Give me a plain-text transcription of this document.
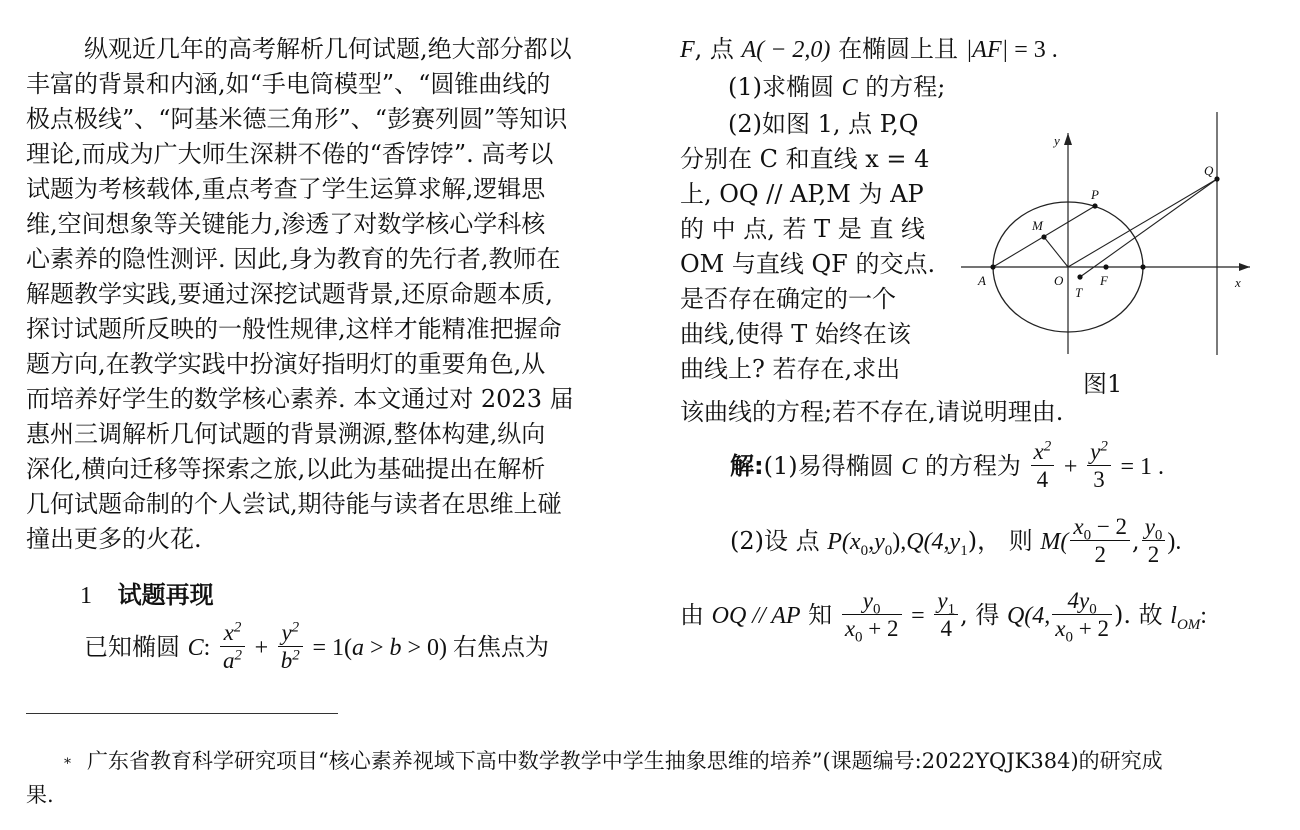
纵观近几年的高考解析几何试题,绝大部分都以
丰富的背景和内涵,如“手电筒模型”、“圆锥曲线的
极点极线”、“阿基米德三角形”、“彭赛列圆”等知识
理论,而成为广大师生深耕不倦的“香饽饽”. 高考以
试题为考核载体,重点考查了学生运算求解,逻辑思
维,空间想象等关键能力,渗透了对数学核心学科核
心素养的隐性测评. 因此,身为教育的先行者,教师在
解题教学实践,要通过深挖试题背景,还原命题本质,
探讨试题所反映的一般性规律,这样才能精准把握命
题方向,在教学实践中扮演好指明灯的重要角色,从
而培养好学生的数学核心素养. 本文通过对 2023 届
惠州三调解析几何试题的背景溯源,整体构建,纵向
深化,横向迁移等探索之旅,以此为基础提出在解析
几何试题命制的个人尝试,期待能与读者在思维上碰
撞出更多的火花.
1 试题再现
已知椭圆 C: $\frac{x^2}{a^2} + \frac{y^2}{b^2} = 1(a > b > 0)$ 右焦点为
F, 点 A( − 2,0) 在椭圆上且 |AF| = 3 .
(1)求椭圆 C 的方程;
(2)如图 1, 点 P,Q
分别在 C 和直线 x = 4
上, OQ // AP,M 为 AP
的 中 点, 若 T 是 直 线
OM 与直线 QF 的交点.
是否存在确定的一个
曲线,使得 T 始终在该
曲线上? 若存在,求出
该曲线的方程;若不存在,请说明理由.
y
x
O
A	F
P
Q
M
T
图1
解:(1)易得椭圆 C 的方程为 $\frac{x^2}{4} + \frac{y^2}{3} = 1$ .
(2)设 点 $P(x_0,y_0),Q(4,y_1)$， 则 $M( \frac{x_0 - 2}{2}$ , $\frac{y_0}{2}$ ).
由 OQ // AP 知 $\frac{y_0}{x_0 + 2} = \frac{y_1}{4}$ , 得 Q(4, $\frac{4y_0}{x_0 + 2}$ ). 故 $l_{OM}$:
* 广东省教育科学研究项目“核心素养视域下高中数学教学中学生抽象思维的培养”(课题编号:2022YQJK384)的研究成
果.
